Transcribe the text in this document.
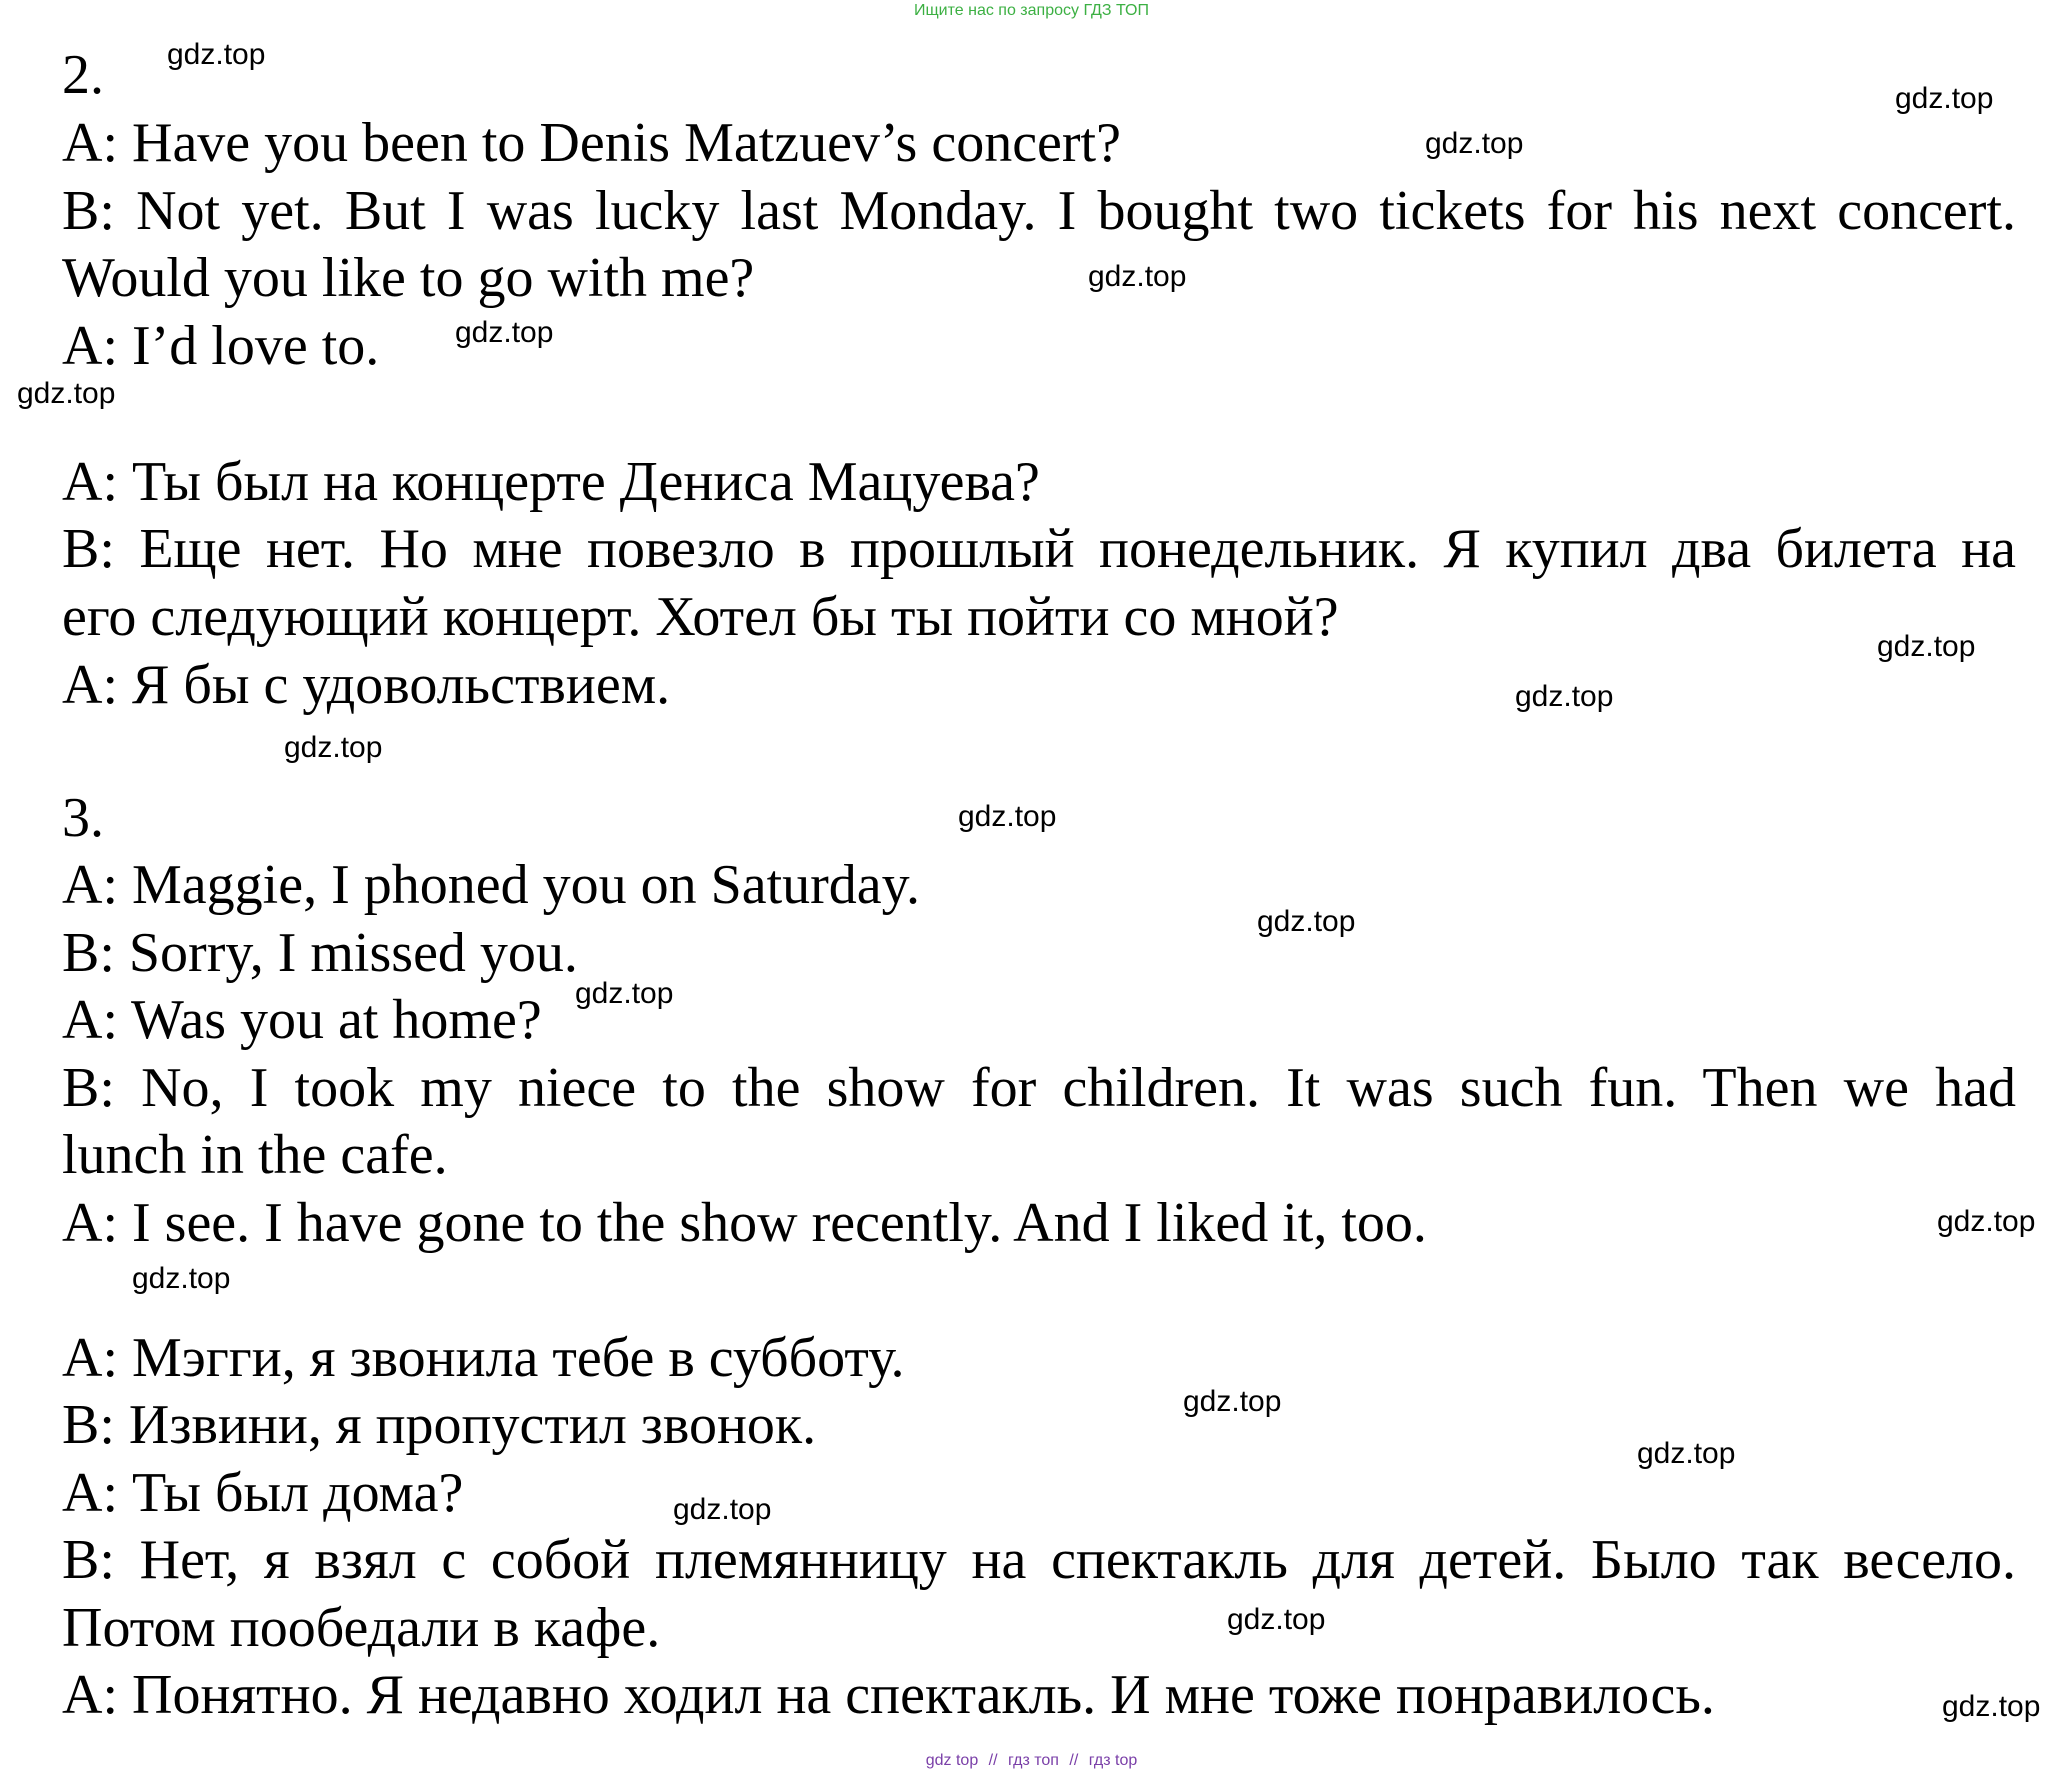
Ищите нас по запросу ГДЗ ТОП
2.
A: Have you been to Denis Matzuev’s concert?
B: Not yet. But I was lucky last Monday. I bought two tickets for his next concert.
Would you like to go with me?
A: I’d love to.
A: Ты был на концерте Дениса Мацуева?
B: Еще нет. Но мне повезло в прошлый понедельник. Я купил два билета на
его следующий концерт. Хотел бы ты пойти со мной?
A: Я бы с удовольствием.
3.
A: Maggie, I phoned you on Saturday.
B: Sorry, I missed you.
A: Was you at home?
B: No, I took my niece to the show for children. It was such fun. Then we had
lunch in the cafe.
A: I see. I have gone to the show recently. And I liked it, too.
A: Мэгги, я звонила тебе в субботу.
B: Извини, я пропустил звонок.
A: Ты был дома?
B: Нет, я взял с собой племянницу на спектакль для детей. Было так весело.
Потом пообедали в кафе.
A: Понятно. Я недавно ходил на спектакль. И мне тоже понравилось.
gdz.top
gdz.top
gdz.top
gdz.top
gdz.top
gdz.top
gdz.top
gdz.top
gdz.top
gdz.top
gdz.top
gdz.top
gdz.top
gdz.top
gdz.top
gdz.top
gdz.top
gdz.top
gdz.top
gdz top // гдз топ // гдз top
